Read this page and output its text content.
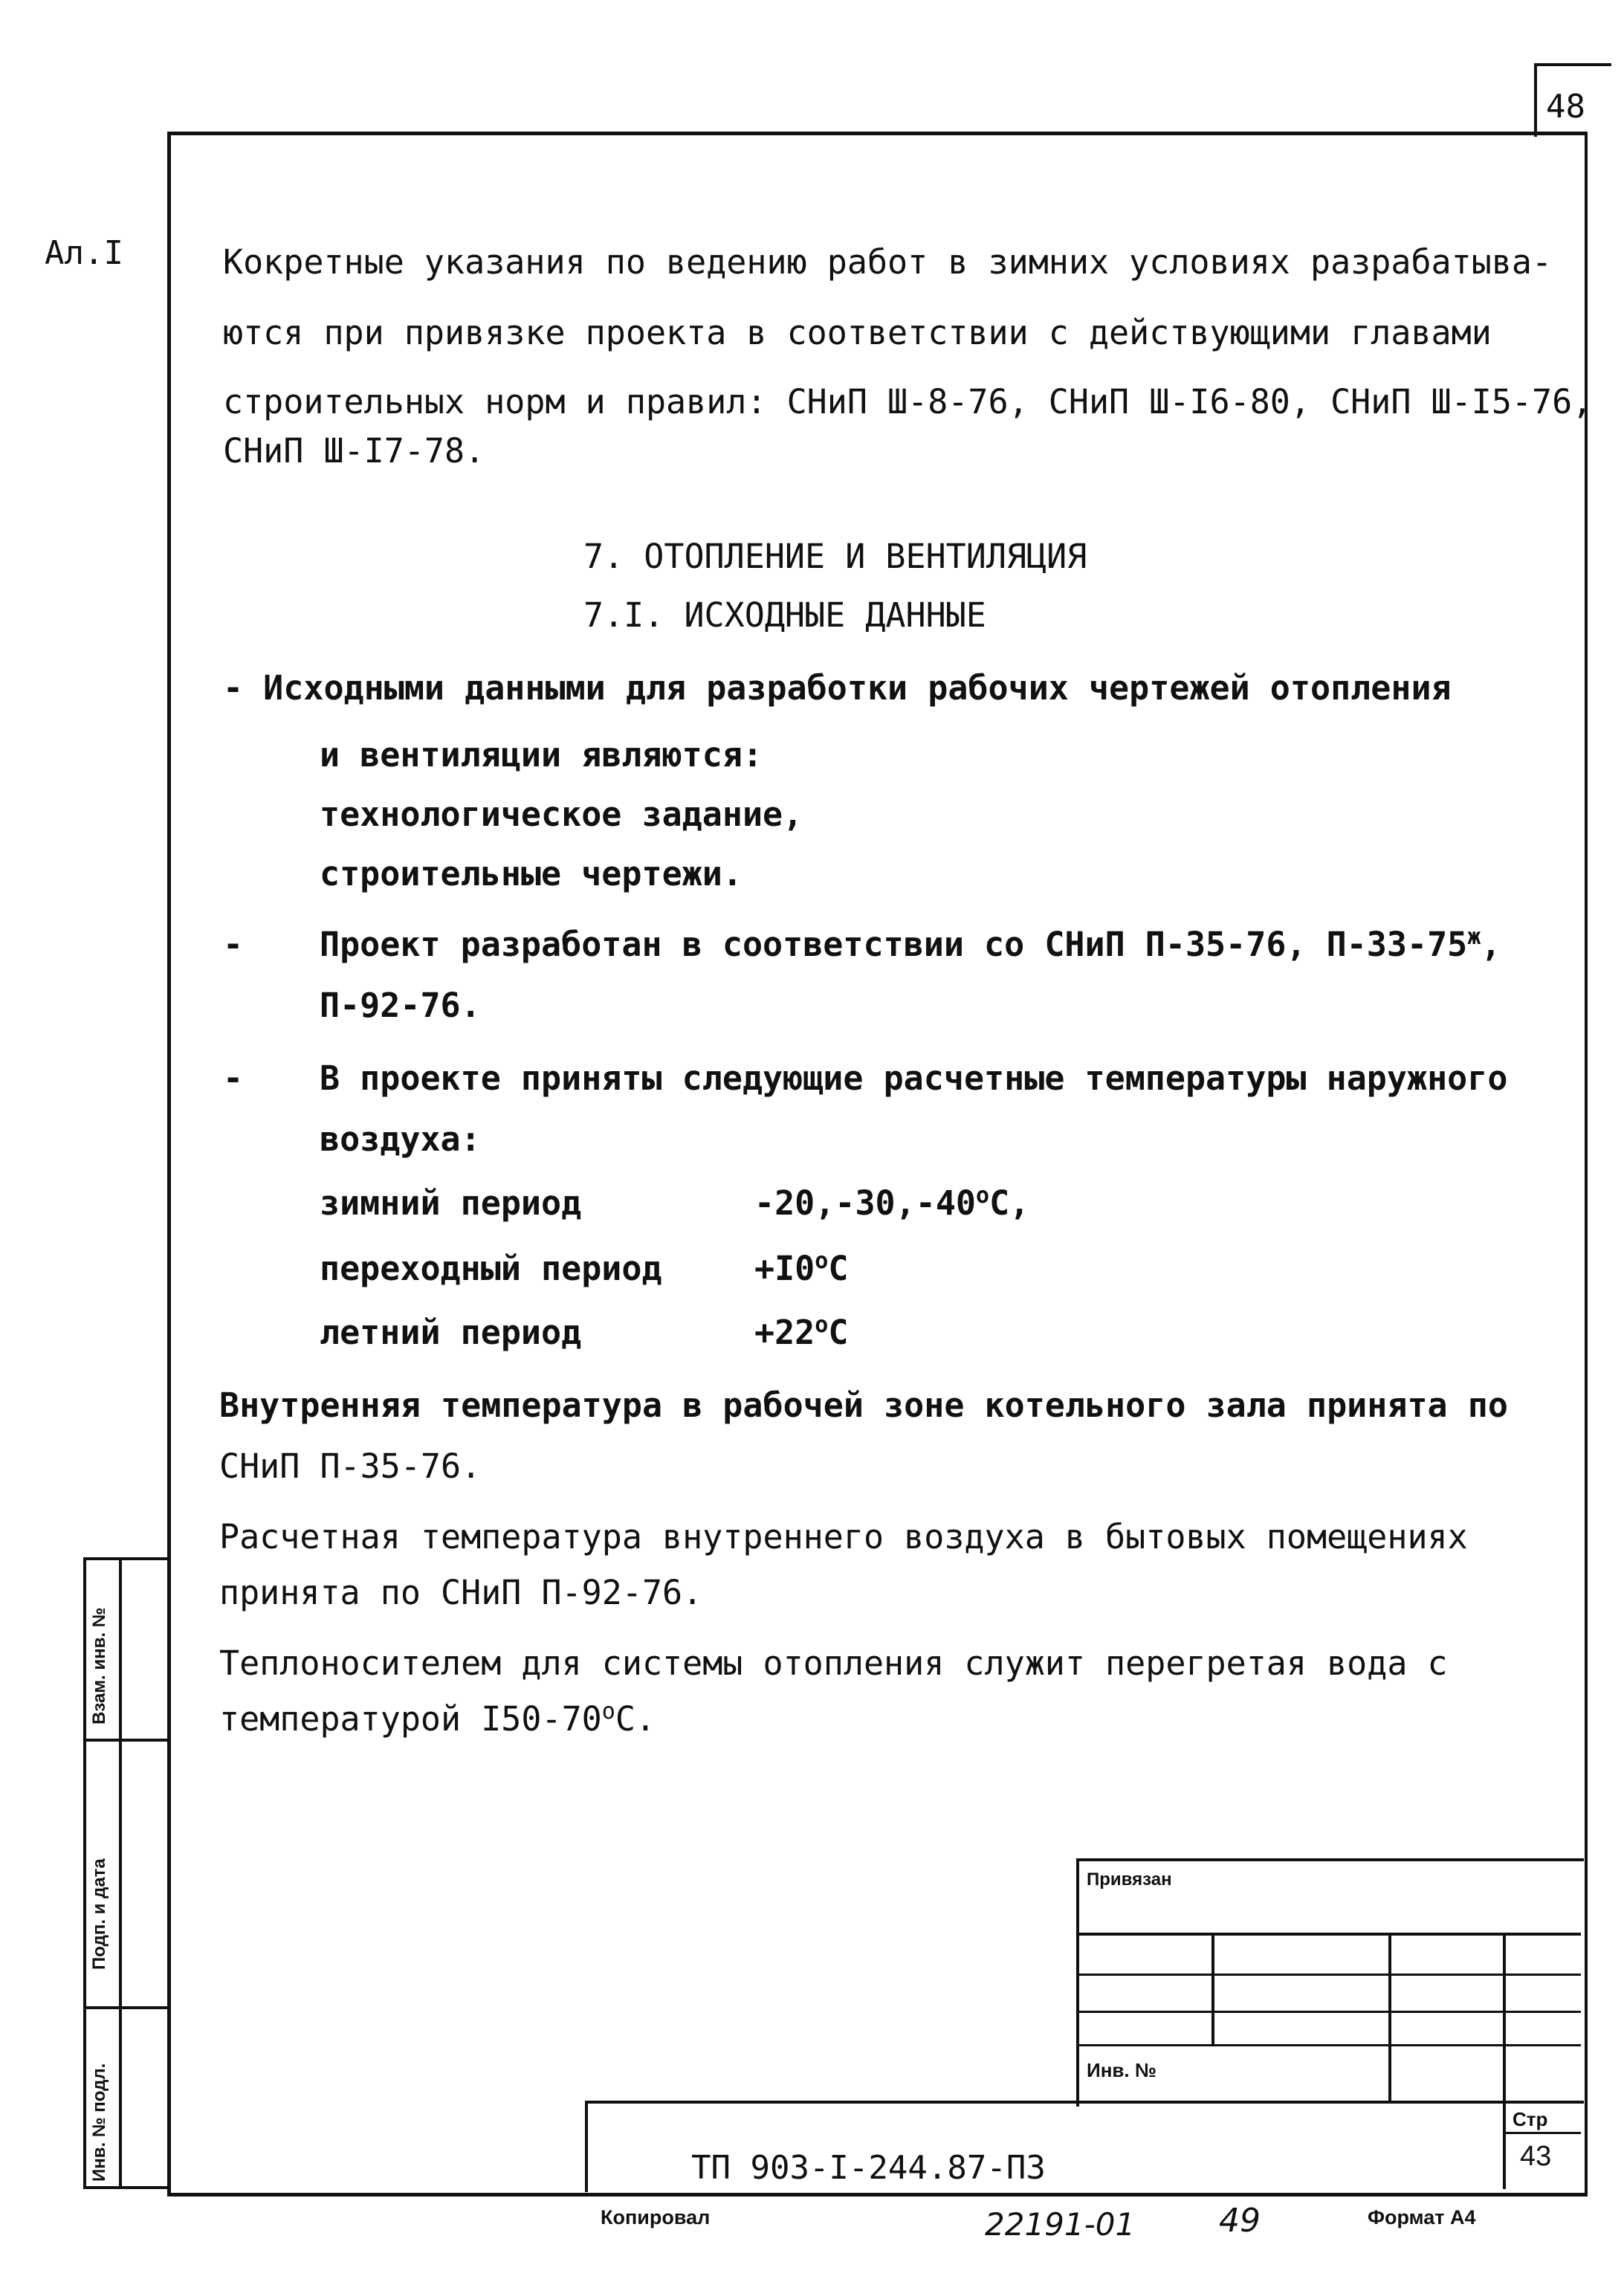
48
Ал.I	Кокретные указания по ведению работ в зимних условиях разрабатыва-
ются при привязке проекта в соответствии с действующими главами
строительных норм и правил: СНиП Ш-8-76, СНиП Ш-I6-80, СНиП Ш-I5-76,
СНиП Ш-I7-78.
7. ОТОПЛЕНИЕ И ВЕНТИЛЯЦИЯ
7.I. ИСХОДНЫЕ ДАННЫЕ
- Исходными данными для разработки рабочих чертежей отопления
и вентиляции являются:
технологическое задание,
строительные чертежи.
- Проект разработан в соответствии со СНиП П-35-76, $П-33-75^ж$,
П-92-76.
- В проекте приняты следующие расчетные температуры наружного
воздуха:
зимний период	$-20,-30,-40^оС$,
переходный период	$+I0^оС$
летний период	$+22^оС$
Внутренняя температура в рабочей зоне котельного зала принята по
СНиП П-35-76.
Расчетная температура внутреннего воздуха в бытовых помещениях
принята по СНиП П-92-76.
Теплоносителем для системы отопления служит перегретая вода с
температурой $I50-70^оС$.
Взам. инв. №
Подп. и дата
Инв. № подл.
Привязан
Инв. №
Стр
43
ТП 903-I-244.87-П3
Копировал	22191-01	49	Формат А4
